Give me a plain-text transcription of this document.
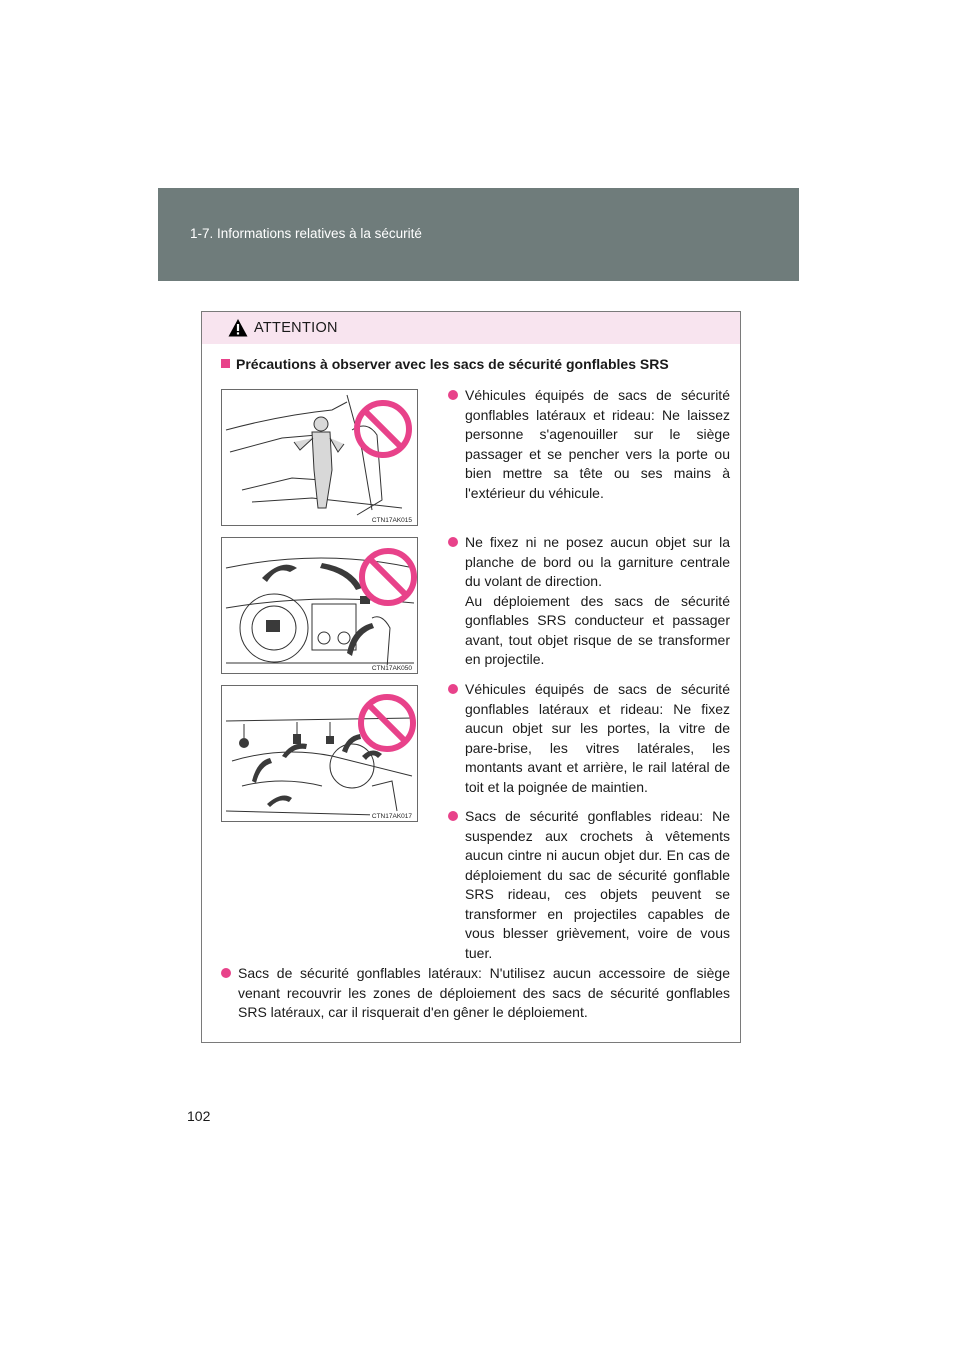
1-7. Informations relatives à la sécurité
ATTENTION
Précautions à observer avec les sacs de sécurité gonflables SRS
CTN17AK015
CTN17AK050
CTN17AK017
Véhicules équipés de sacs de sécurité gonflables latéraux et rideau: Ne laissez personne s'agenouiller sur le siège passager et se pencher vers la porte ou bien mettre sa tête ou ses mains à l'extérieur du véhicule.
Ne fixez ni ne posez aucun objet sur la planche de bord ou la garniture centrale du volant de direction.
Au déploiement des sacs de sécurité gonflables SRS conducteur et passager avant, tout objet risque de se transformer en projectile.
Véhicules équipés de sacs de sécurité gonflables latéraux et rideau: Ne fixez aucun objet sur les portes, la vitre de pare-brise, les vitres latérales, les montants avant et arrière, le rail latéral de toit et la poignée de maintien.
Sacs de sécurité gonflables rideau: Ne suspendez aux crochets à vêtements aucun cintre ni aucun objet dur. En cas de déploiement du sac de sécurité gonflable SRS rideau, ces objets peuvent se transformer en projectiles capables de vous blesser grièvement, voire de vous tuer.
Sacs de sécurité gonflables latéraux: N'utilisez aucun accessoire de siège venant recouvrir les zones de déploiement des sacs de sécurité gonflables SRS latéraux, car il risquerait d'en gêner le déploiement.
102
